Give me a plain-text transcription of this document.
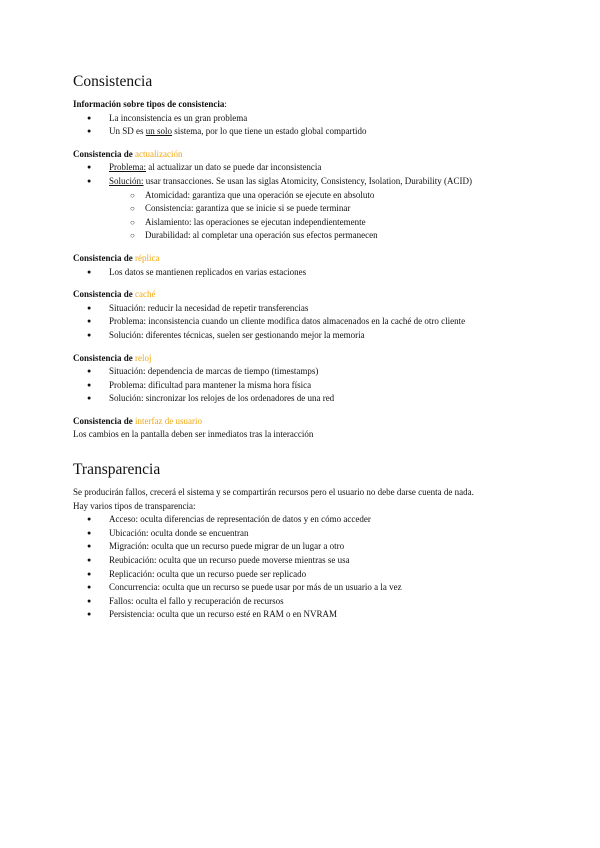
Consistencia

Información sobre tipos de consistencia:

● La inconsistencia es un gran problema
● Un SD es un solo sistema, por lo que tiene un estado global compartido

Consistencia de actualización

● Problema: al actualizar un dato se puede dar inconsistencia
● Solución: usar transacciones. Se usan las siglas Atomicity, Consistency, Isolation, Durability (ACID)
○ Atomicidad: garantiza que una operación se ejecute en absoluto
○ Consistencia: garantiza que se inicie si se puede terminar
○ Aislamiento: las operaciones se ejecutan independientemente
○ Durabilidad: al completar una operación sus efectos permanecen

Consistencia de réplica

● Los datos se mantienen replicados en varias estaciones

Consistencia de caché

● Situación: reducir la necesidad de repetir transferencias
● Problema: inconsistencia cuando un cliente modifica datos almacenados en la caché de otro cliente
● Solución: diferentes técnicas, suelen ser gestionando mejor la memoria

Consistencia de reloj

● Situación: dependencia de marcas de tiempo (timestamps)
● Problema: dificultad para mantener la misma hora física
● Solución: sincronizar los relojes de los ordenadores de una red

Consistencia de interfaz de usuario

Los cambios en la pantalla deben ser inmediatos tras la interacción

Transparencia

Se producirán fallos, crecerá el sistema y se compartirán recursos pero el usuario no debe darse cuenta de nada.

Hay varios tipos de transparencia:

● Acceso: oculta diferencias de representación de datos y en cómo acceder
● Ubicación: oculta donde se encuentran
● Migración: oculta que un recurso puede migrar de un lugar a otro
● Reubicación: oculta que un recurso puede moverse mientras se usa
● Replicación: oculta que un recurso puede ser replicado
● Concurrencia: oculta que un recurso se puede usar por más de un usuario a la vez
● Fallos: oculta el fallo y recuperación de recursos
● Persistencia: oculta que un recurso esté en RAM o en NVRAM
